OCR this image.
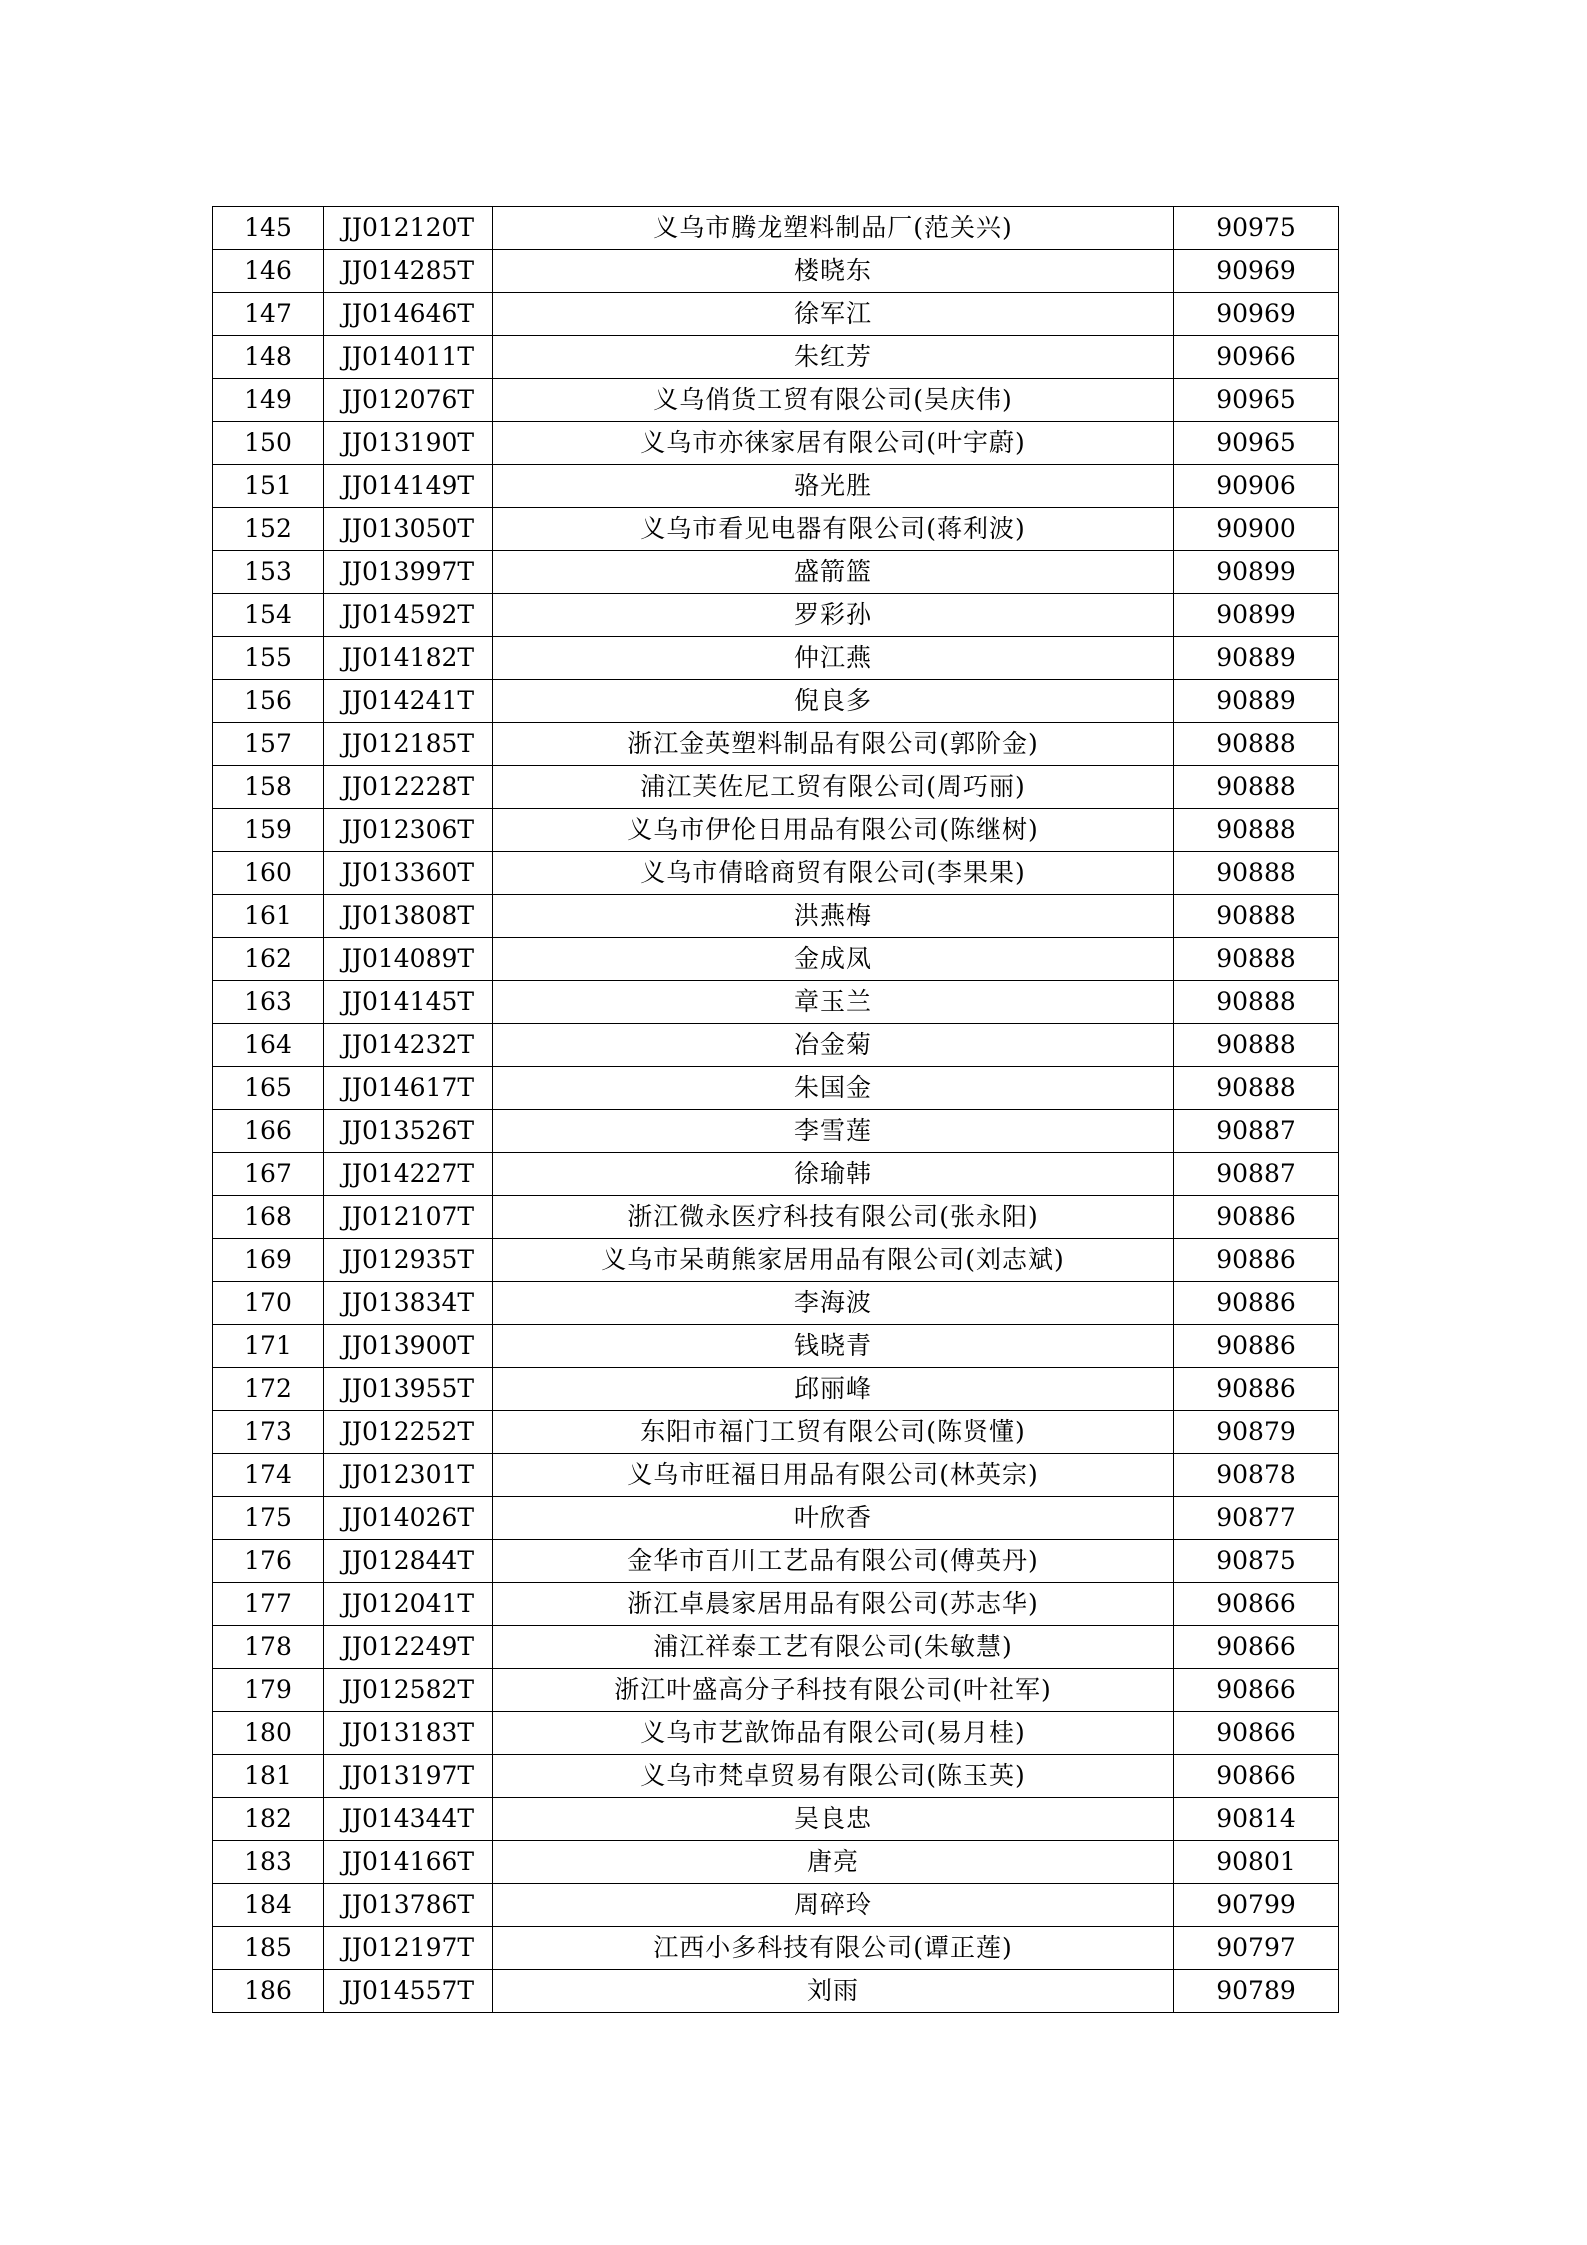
145	JJ012120T	义乌市腾龙塑料制品厂(范关兴)	90975
146	JJ014285T	楼晓东	90969
147	JJ014646T	徐军江	90969
148	JJ014011T	朱红芳	90966
149	JJ012076T	义乌俏货工贸有限公司(吴庆伟)	90965
150	JJ013190T	义乌市亦徕家居有限公司(叶宇蔚)	90965
151	JJ014149T	骆光胜	90906
152	JJ013050T	义乌市看见电器有限公司(蒋利波)	90900
153	JJ013997T	盛箭篮	90899
154	JJ014592T	罗彩孙	90899
155	JJ014182T	仲江燕	90889
156	JJ014241T	倪良多	90889
157	JJ012185T	浙江金英塑料制品有限公司(郭阶金)	90888
158	JJ012228T	浦江芙佐尼工贸有限公司(周巧丽)	90888
159	JJ012306T	义乌市伊伦日用品有限公司(陈继树)	90888
160	JJ013360T	义乌市倩晗商贸有限公司(李果果)	90888
161	JJ013808T	洪燕梅	90888
162	JJ014089T	金成凤	90888
163	JJ014145T	章玉兰	90888
164	JJ014232T	冶金菊	90888
165	JJ014617T	朱国金	90888
166	JJ013526T	李雪莲	90887
167	JJ014227T	徐瑜韩	90887
168	JJ012107T	浙江微永医疗科技有限公司(张永阳)	90886
169	JJ012935T	义乌市呆萌熊家居用品有限公司(刘志斌)	90886
170	JJ013834T	李海波	90886
171	JJ013900T	钱晓青	90886
172	JJ013955T	邱丽峰	90886
173	JJ012252T	东阳市福门工贸有限公司(陈贤懂)	90879
174	JJ012301T	义乌市旺福日用品有限公司(林英宗)	90878
175	JJ014026T	叶欣香	90877
176	JJ012844T	金华市百川工艺品有限公司(傅英丹)	90875
177	JJ012041T	浙江卓晨家居用品有限公司(苏志华)	90866
178	JJ012249T	浦江祥泰工艺有限公司(朱敏慧)	90866
179	JJ012582T	浙江叶盛高分子科技有限公司(叶社军)	90866
180	JJ013183T	义乌市艺歆饰品有限公司(易月桂)	90866
181	JJ013197T	义乌市梵卓贸易有限公司(陈玉英)	90866
182	JJ014344T	吴良忠	90814
183	JJ014166T	唐亮	90801
184	JJ013786T	周碎玲	90799
185	JJ012197T	江西小多科技有限公司(谭正莲)	90797
186	JJ014557T	刘雨	90789
